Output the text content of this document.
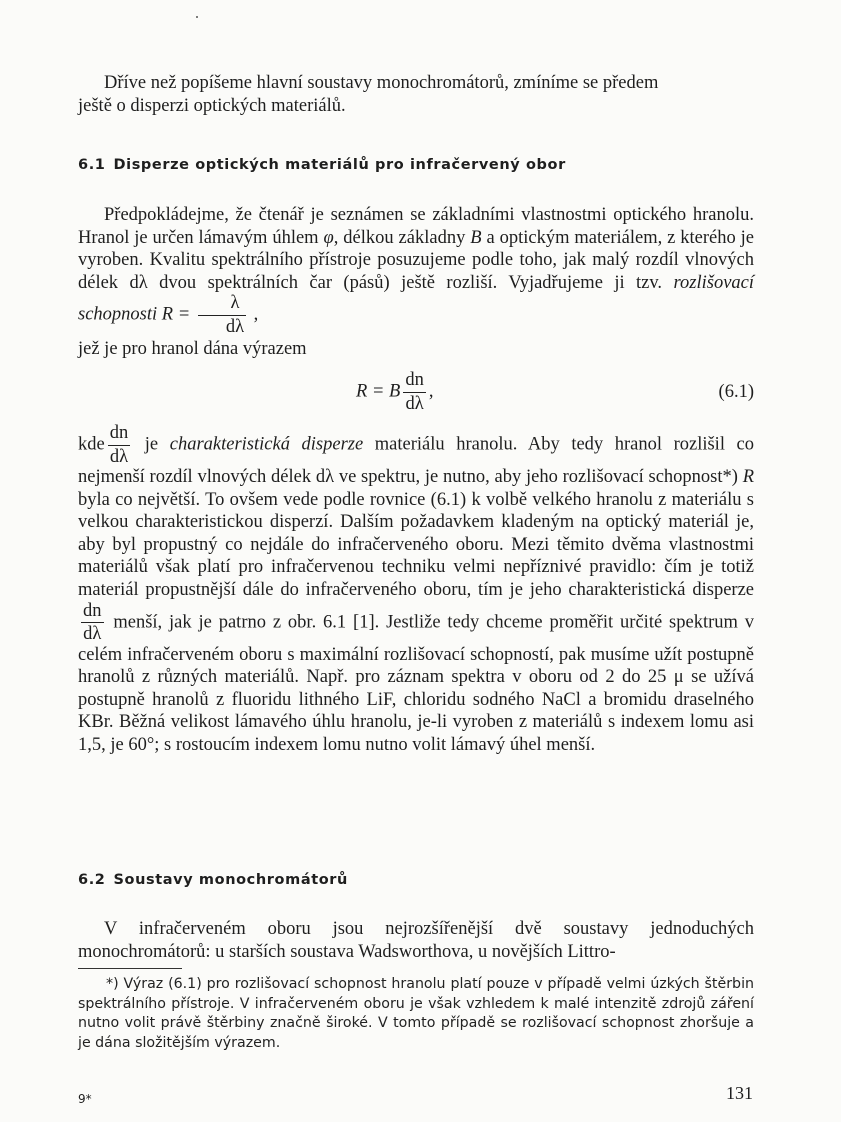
Dříve než popíšeme hlavní soustavy monochromátorů, zmíníme se předem

ještě o disperzi optických materiálů.

6.1 Disperze optických materiálů pro infračervený obor

Předpokládejme, že čtenář je seznámen se základními vlastnostmi optického hranolu. Hranol je určen lámavým úhlem φ, délkou základny B a optickým materiálem, z kterého je vyroben. Kvalitu spektrálního přístroje posuzujeme podle toho, jak malý rozdíl vlnových délek dλ dvou spektrálních čar (pásů) ještě rozliší. Vyjadřujeme ji tzv. rozlišovací schopnosti $R = \frac{\lambda}{d\lambda}$ ,

jež je pro hranol dána výrazem

R = B $\frac{dn}{d\lambda}$ ,	(6.1)

kde $\frac{dn}{d\lambda}$ je charakteristická disperze materiálu hranolu. Aby tedy hranol rozlišil co nejmenší rozdíl vlnových délek dλ ve spektru, je nutno, aby jeho rozlišovací schopnost*) R byla co největší. To ovšem vede podle rovnice (6.1) k volbě velkého hranolu z materiálu s velkou charakteristickou disperzí. Dalším požadavkem kladeným na optický materiál je, aby byl propustný co nejdále do infračerveného oboru. Mezi těmito dvěma vlastnostmi materiálů však platí pro infračervenou techniku velmi nepříznivé pravidlo: čím je totiž materiál propustnější dále do infračerveného oboru, tím je jeho charakteristická disperze
$\frac{dn}{d\lambda}$ menší, jak je patrno z obr. 6.1 [1]. Jestliže tedy chceme proměřit určité spektrum v celém infračerveném oboru s maximální rozlišovací schopností, pak musíme užít postupně hranolů z různých materiálů. Např. pro záznam spektra v oboru od 2 do 25 μ se užívá postupně hranolů z fluoridu lithného LiF, chloridu sodného NaCl a bromidu draselného KBr. Běžná velikost lámavého úhlu hranolu, je-li vyroben z materiálů s indexem lomu asi 1,5, je 60°; s rostoucím indexem lomu nutno volit lámavý úhel menší.

6.2 Soustavy monochromátorů

V infračerveném oboru jsou nejrozšířenější dvě soustavy jednoduchých monochromátorů: u starších soustava Wadsworthova, u novějších Littro-

*) Výraz (6.1) pro rozlišovací schopnost hranolu platí pouze v případě velmi úzkých štěrbin spektrálního přístroje. V infračerveném oboru je však vzhledem k malé intenzitě zdrojů záření nutno volit právě štěrbiny značně široké. V tomto případě se rozlišovací schopnost zhoršuje a je dána složitějším výrazem.

9*	131
